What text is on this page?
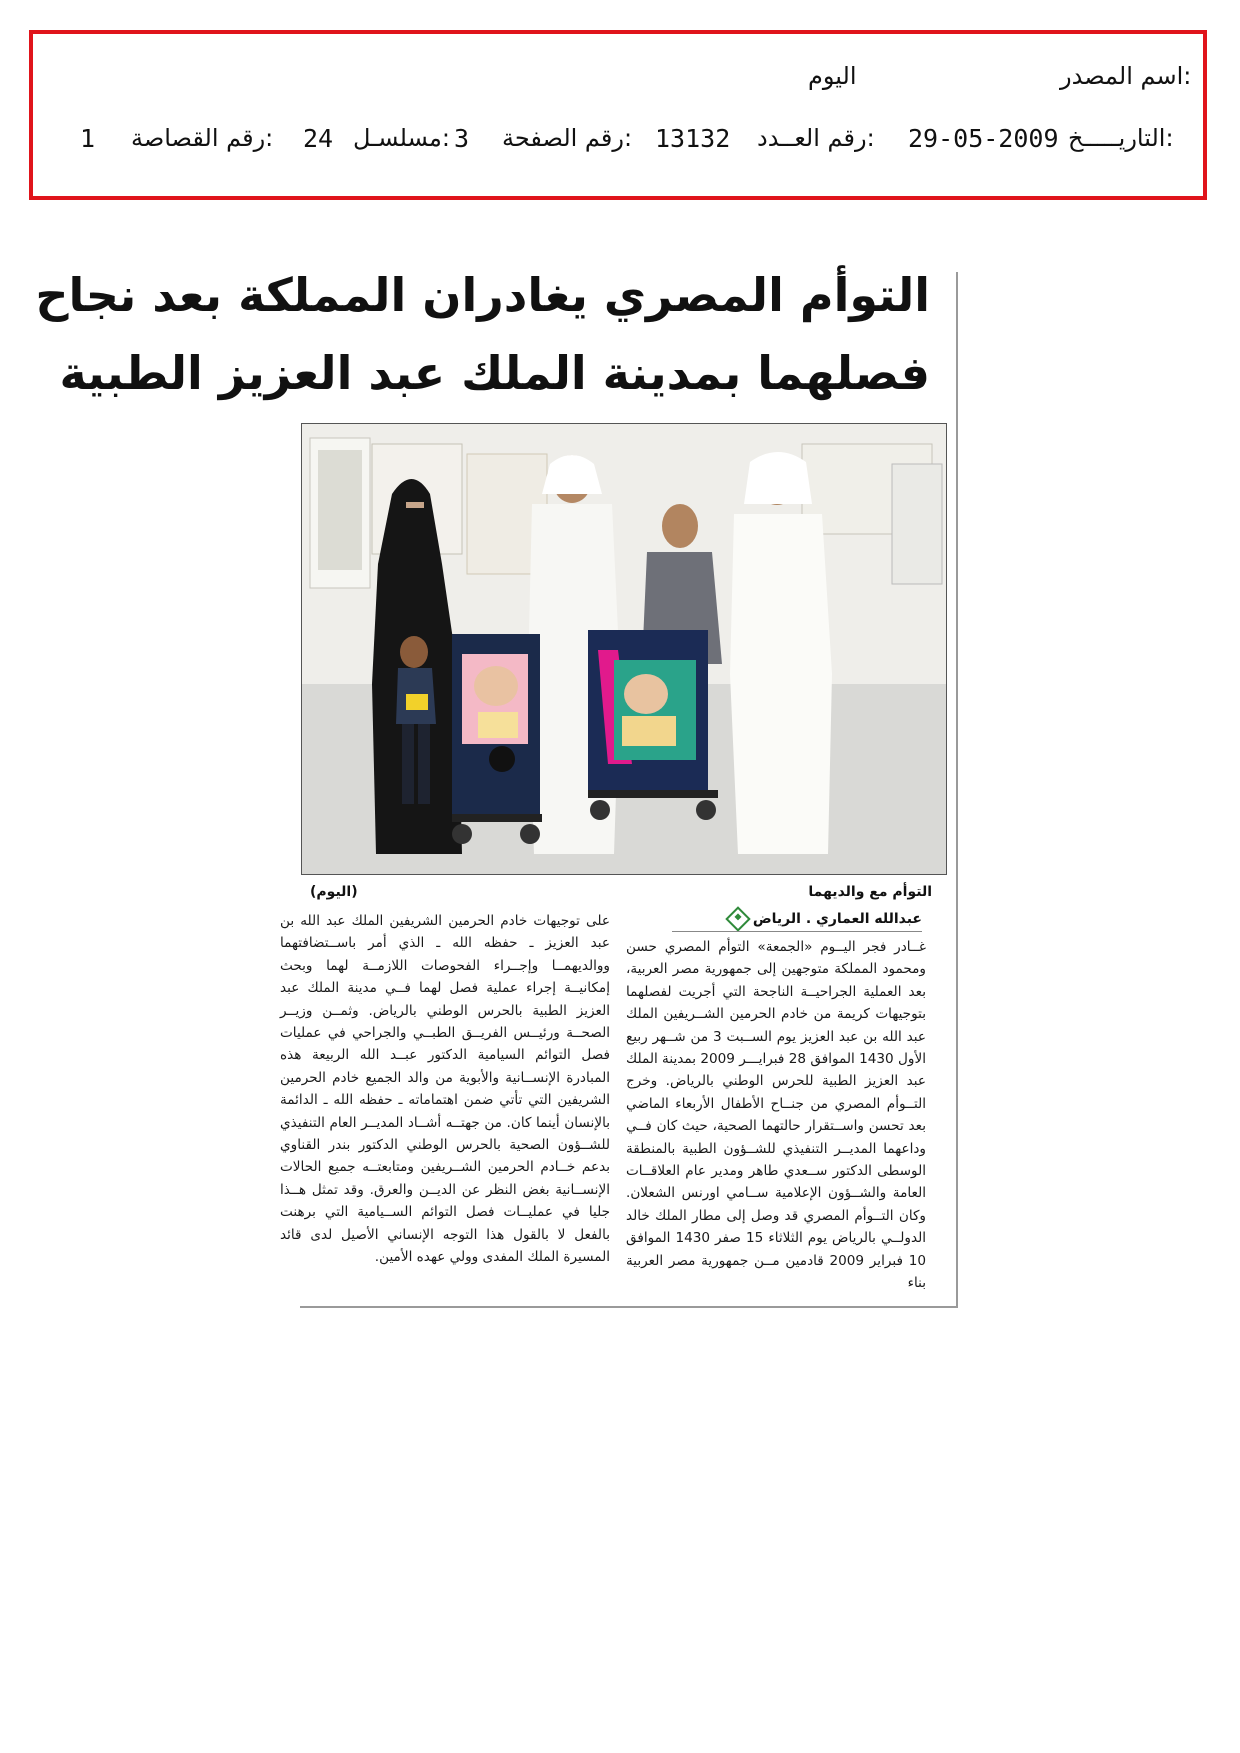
اسم المصدر:
اليوم
التاريـــــخ:
29-05-2009
رقم العــدد:
13132
رقم الصفحة:
3
مسلسـل:
24
رقم القصاصة:
1
التوأم المصري يغادران المملكة بعد نجاح
فصلهما بمدينة الملك عبد العزيز الطبية
التوأم مع والديهما
(اليوم)
عبدالله العماري . الرياض

غــادر فجر اليــوم «الجمعة» التوأم المصري حسن ومحمود المملكة متوجهين إلى جمهورية مصر العربية، بعد العملية الجراحيــة الناجحة التي أجريت لفصلهما بتوجيهات كريمة من خادم الحرمين الشــريفين الملك عبد الله بن عبد العزيز يوم الســبت 3 من شــهر ربيع الأول 1430 الموافق 28 فبرايـــر 2009 بمدينة الملك عبد العزيز الطبية للحرس الوطني بالرياض. وخرج التــوأم المصري من جنــاح الأطفال الأربعاء الماضي بعد تحسن واســتقرار حالتهما الصحية، حيث كان فــي وداعهما المديــر التنفيذي للشــؤون الطبية بالمنطقة الوسطى الدكتور ســعدي طاهر ومدير عام العلاقــات العامة والشــؤون الإعلامية ســامي اورنس الشعلان. وكان التــوأم المصري قد وصل إلى مطار الملك خالد الدولــي بالرياض يوم الثلاثاء 15 صفر 1430 الموافق 10 فبراير 2009 قادمين مــن جمهورية مصر العربية بناء

على توجيهات خادم الحرمين الشريفين الملك عبد الله بن عبد العزيز ـ حفظه الله ـ الذي أمر باســتضافتهما ووالديهمــا وإجــراء الفحوصات اللازمــة لهما وبحث إمكانيــة إجراء عملية فصل لهما فــي مدينة الملك عبد العزيز الطبية بالحرس الوطني بالرياض. وثمــن وزيــر الصحــة ورئيــس الفريــق الطبــي والجراحي في عمليات فصل التوائم السيامية الدكتور عبــد الله الربيعة هذه المبادرة الإنســانية والأبوية من والد الجميع خادم الحرمين الشريفين التي تأتي ضمن اهتماماته ـ حفظه الله ـ الدائمة بالإنسان أينما كان. من جهتــه أشــاد المديــر العام التنفيذي للشــؤون الصحية بالحرس الوطني الدكتور بندر القناوي بدعم خــادم الحرمين الشــريفين ومتابعتــه جميع الحالات الإنســانية بغض النظر عن الديــن والعرق. وقد تمثل هــذا جليا في عمليــات فصل التوائم الســيامية التي برهنت بالفعل لا بالقول هذا التوجه الإنساني الأصيل لدى قائد المسيرة الملك المفدى وولي عهده الأمين.
